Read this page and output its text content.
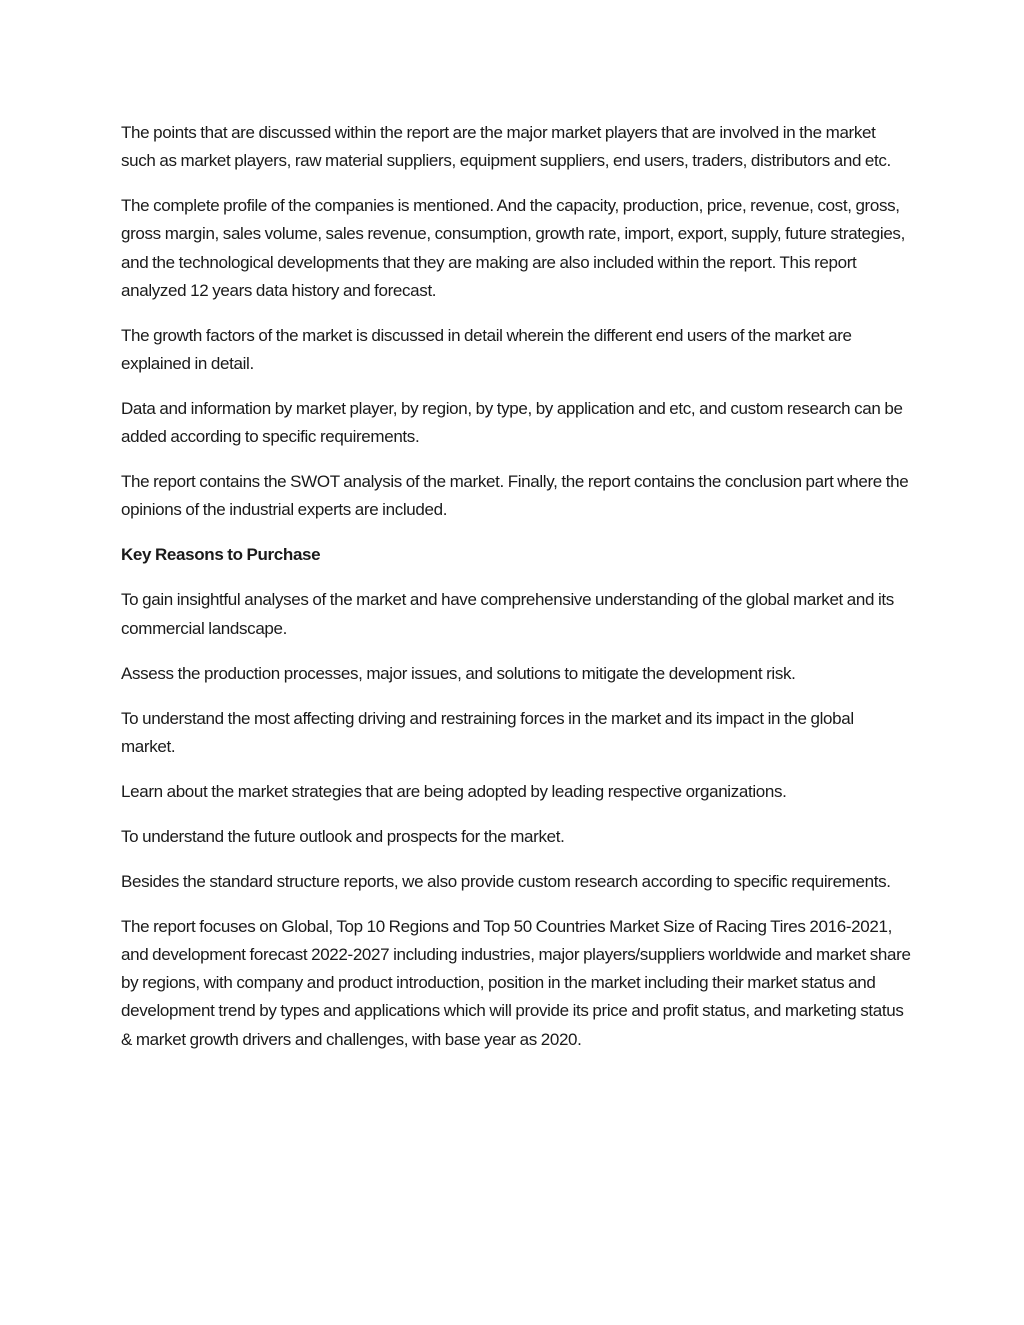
The points that are discussed within the report are the major market players that are involved in the market such as market players, raw material suppliers, equipment suppliers, end users, traders, distributors and etc.

The complete profile of the companies is mentioned. And the capacity, production, price, revenue, cost, gross, gross margin, sales volume, sales revenue, consumption, growth rate, import, export, supply, future strategies, and the technological developments that they are making are also included within the report. This report analyzed 12 years data history and forecast.

The growth factors of the market is discussed in detail wherein the different end users of the market are explained in detail.

Data and information by market player, by region, by type, by application and etc, and custom research can be added according to specific requirements.

The report contains the SWOT analysis of the market. Finally, the report contains the conclusion part where the opinions of the industrial experts are included.

Key Reasons to Purchase

To gain insightful analyses of the market and have comprehensive understanding of the global market and its commercial landscape.

Assess the production processes, major issues, and solutions to mitigate the development risk.

To understand the most affecting driving and restraining forces in the market and its impact in the global market.

Learn about the market strategies that are being adopted by leading respective organizations.

To understand the future outlook and prospects for the market.

Besides the standard structure reports, we also provide custom research according to specific requirements.

The report focuses on Global, Top 10 Regions and Top 50 Countries Market Size of Racing Tires 2016-2021, and development forecast 2022-2027 including industries, major players/suppliers worldwide and market share by regions, with company and product introduction, position in the market including their market status and development trend by types and applications which will provide its price and profit status, and marketing status & market growth drivers and challenges, with base year as 2020.
